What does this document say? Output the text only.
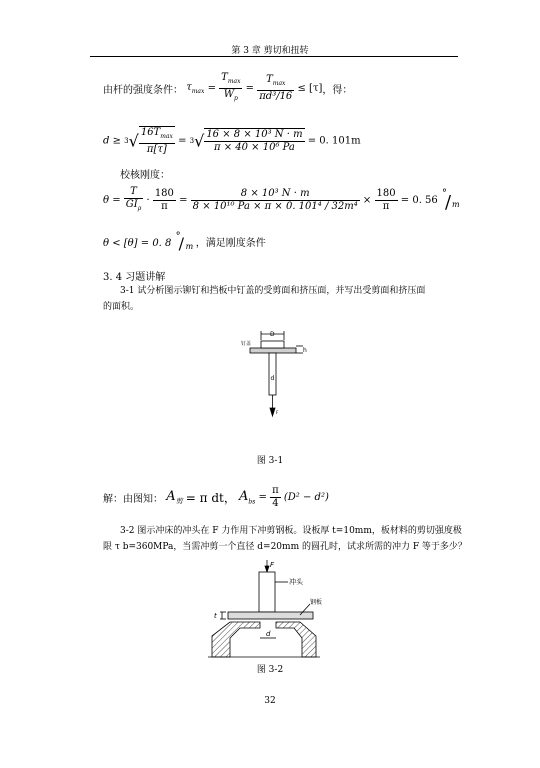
第 3 章 剪切和扭转
由杆的强度条件： $\tau_{max} = \frac{T_{max}}{W_p} = \frac{T_{max}}{\text{πd³/16}} \le [\tau]$，得：
$d \ge 3√ \frac{16T_{max}}{\pi[\tau]} = 3√ \frac{\text{16 × 8 × 10³ N · m}}{\text{π × 40 × 10⁶ Pa}} = 0$. 101m
校核刚度：
$\theta = \frac{T}{GI_\rho} \cdot \frac{180}{\pi} = \frac{\text{8 × 10³ N · m}}{\text{8 × 10¹⁰ Pa × π × 0. 101⁴ / 32m⁴}} \times \frac{180}{\pi} = 0$. 56
°
/ m
θ < [θ] = 0. 8
°
/ m ，满足刚度条件
3. 4 习题讲解
3-1 试分析图示铆钉和挡板中钉盖的受剪面和挤压面，并写出受剪面和挤压面
的面积。
D
d
钉盖
h
F
图 3-1
解：由图知： $A_剪 = \pi$ dt， $A_{bs} = \frac{\pi}{4} (D^2 - d^2)$
3-2 图示冲床的冲头在 F 力作用下冲剪钢板。设板厚 t=10mm，板材料的剪切强度极
限 τ b=360MPa，当需冲剪一个直径 d=20mm 的圆孔时，试求所需的冲力 F 等于多少？
F
冲头
钢板
t
d
图 3-2
32
